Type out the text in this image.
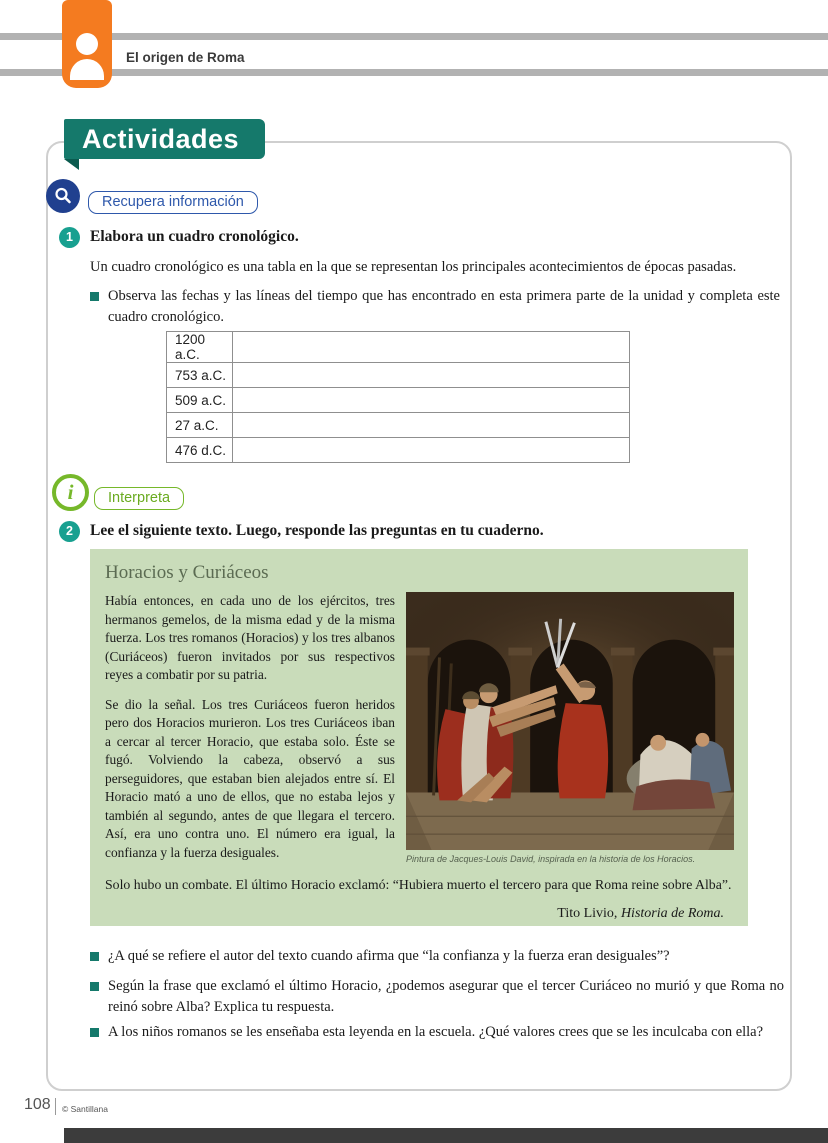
El origen de Roma
Actividades
Recupera información
1	Elabora un cuadro cronológico.
Un cuadro cronológico es una tabla en la que se representan los principales acontecimientos de épocas pasadas.
Observa las fechas y las líneas del tiempo que has encontrado en esta primera parte de la unidad y completa este cuadro cronológico.
1200 a.C.	
753 a.C.	
509 a.C.	
27 a.C.	
476 d.C.	
i	Interpreta
2	Lee el siguiente texto. Luego, responde las preguntas en tu cuaderno.
Horacios y Curiáceos

Había entonces, en cada uno de los ejércitos, tres hermanos gemelos, de la misma edad y de la misma fuerza. Los tres romanos (Horacios) y los tres albanos (Curiáceos) fueron invitados por sus respectivos reyes a combatir por su patria.

Se dio la señal. Los tres Curiáceos fueron heridos pero dos Horacios murieron. Los tres Curiáceos iban a cercar al tercer Horacio, que estaba solo. Éste se fugó. Volviendo la cabeza, observó a sus perseguidores, que estaban bien alejados entre sí. El Horacio mató a uno de ellos, que no estaba lejos y también al segundo, antes de que llegara el tercero. Así, era uno contra uno. El número era igual, la confianza y la fuerza desiguales.	Pintura de Jacques-Louis David, inspirada en la historia de los Horacios.

Solo hubo un combate. El último Horacio exclamó: “Hubiera muerto el tercero para que Roma reine sobre Alba”.

Tito Livio, Historia de Roma.
¿A qué se refiere el autor del texto cuando afirma que “la confianza y la fuerza eran desiguales”?
Según la frase que exclamó el último Horacio, ¿podemos asegurar que el tercer Curiáceo no murió y que Roma no reinó sobre Alba? Explica tu respuesta.
A los niños romanos se les enseñaba esta leyenda en la escuela. ¿Qué valores crees que se les inculcaba con ella?
108 © Santillana
